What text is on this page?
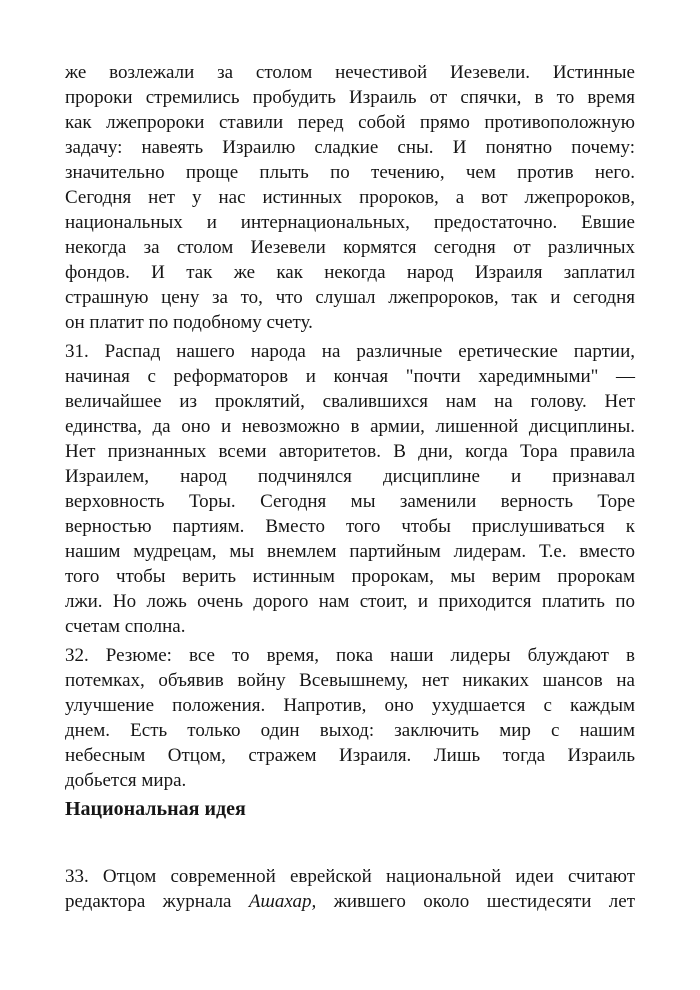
же возлежали за столом нечестивой Иезевели. Истинные
пророки стремились пробудить Израиль от спячки, в то время
как лжепророки ставили перед собой прямо противоположную
задачу: навеять Израилю сладкие сны. И понятно почему:
значительно проще плыть по течению, чем против него.
Сегодня нет у нас истинных пророков, а вот лжепророков,
национальных и интернациональных, предостаточно. Евшие
некогда за столом Иезевели кормятся сегодня от различных
фондов. И так же как некогда народ Израиля заплатил
страшную цену за то, что слушал лжепророков, так и сегодня
он платит по подобному счету.
31. Распад нашего народа на различные еретические партии,
начиная с реформаторов и кончая "почти харедимными" —
величайшее из проклятий, свалившихся нам на голову. Нет
единства, да оно и невозможно в армии, лишенной дисциплины.
Нет признанных всеми авторитетов. В дни, когда Тора правила
Израилем, народ подчинялся дисциплине и признавал
верховность Торы. Сегодня мы заменили верность Торе
верностью партиям. Вместо того чтобы прислушиваться к
нашим мудрецам, мы внемлем партийным лидерам. Т.е. вместо
того чтобы верить истинным пророкам, мы верим пророкам
лжи. Но ложь очень дорого нам стоит, и приходится платить по
счетам сполна.
32. Резюме: все то время, пока наши лидеры блуждают в
потемках, объявив войну Всевышнему, нет никаких шансов на
улучшение положения. Напротив, оно ухудшается с каждым
днем. Есть только один выход: заключить мир с нашим
небесным Отцом, стражем Израиля. Лишь тогда Израиль
добьется мира.
Национальная идея
33. Отцом современной еврейской национальной идеи считают
редактора журнала Ашахар, жившего около шестидесяти лет
